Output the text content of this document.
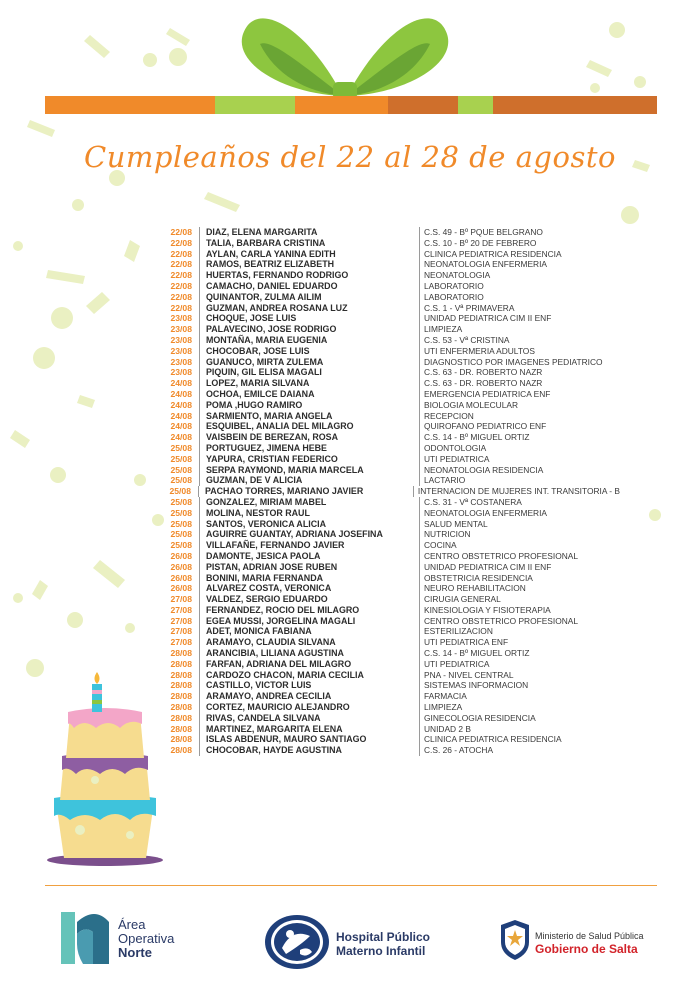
Cumpleaños del 22 al 28 de agosto
22/08 DIAZ, ELENA MARGARITA	C.S. 49 - Bº PQUE BELGRANO
22/08 TALIA, BARBARA CRISTINA	C.S. 10 - Bº 20 DE FEBRERO
22/08 AYLAN, CARLA YANINA EDITH	CLINICA PEDIATRICA RESIDENCIA
22/08 RAMOS, BEATRIZ ELIZABETH	NEONATOLOGIA ENFERMERIA
22/08 HUERTAS, FERNANDO RODRIGO	NEONATOLOGIA
22/08 CAMACHO, DANIEL EDUARDO	LABORATORIO
22/08 QUINANTOR, ZULMA AILIM	LABORATORIO
22/08 GUZMAN, ANDREA ROSANA LUZ	C.S. 1 - Vª PRIMAVERA
23/08 CHOQUE, JOSE LUIS	UNIDAD PEDIATRICA CIM II ENF
23/08 PALAVECINO, JOSE RODRIGO	LIMPIEZA
23/08 MONTAÑA, MARIA EUGENIA	C.S. 53 - Vª CRISTINA
23/08 CHOCOBAR, JOSE LUIS	UTI ENFERMERIA ADULTOS
23/08 GUANUCO, MIRTA ZULEMA	DIAGNOSTICO POR IMAGENES PEDIATRICO
23/08 PIQUIN, GIL ELISA MAGALI	C.S. 63 - DR. ROBERTO NAZR
24/08 LOPEZ, MARIA SILVANA	C.S. 63 - DR. ROBERTO NAZR
24/08 OCHOA, EMILCE DAIANA	EMERGENCIA PEDIATRICA ENF
24/08 POMA ,HUGO RAMIRO	BIOLOGIA MOLECULAR
24/08 SARMIENTO, MARIA ANGELA	RECEPCION
24/08 ESQUIBEL, ANALIA DEL MILAGRO	QUIROFANO PEDIATRICO ENF
24/08 VAISBEIN DE BEREZAN, ROSA	C.S. 14 - Bº MIGUEL ORTIZ
25/08 PORTUGUEZ, JIMENA HEBE	ODONTOLOGIA
25/08 YAPURA, CRISTIAN FEDERICO	UTI PEDIATRICA
25/08 SERPA RAYMOND, MARIA MARCELA	NEONATOLOGIA RESIDENCIA
25/08 GUZMAN, DE V ALICIA	LACTARIO
25/08 PACHAO TORRES, MARIANO JAVIER	INTERNACION DE MUJERES INT. TRANSITORIA - B
25/08 GONZALEZ, MIRIAM MABEL	C.S. 31 - Vª COSTANERA
25/08 MOLINA, NESTOR RAUL	NEONATOLOGIA ENFERMERIA
25/08 SANTOS, VERONICA ALICIA	SALUD MENTAL
25/08 AGUIRRE GUANTAY, ADRIANA JOSEFINA	NUTRICION
25/08 VILLAFAÑE, FERNANDO JAVIER	COCINA
26/08 DAMONTE, JESICA PAOLA	CENTRO OBSTETRICO PROFESIONAL
26/08 PISTAN, ADRIAN JOSE RUBEN	UNIDAD PEDIATRICA CIM II ENF
26/08 BONINI, MARIA FERNANDA	OBSTETRICIA RESIDENCIA
26/08 ALVAREZ COSTA, VERONICA	NEURO REHABILITACION
27/08 VALDEZ, SERGIO EDUARDO	CIRUGIA GENERAL
27/08 FERNANDEZ, ROCIO DEL MILAGRO	KINESIOLOGIA Y FISIOTERAPIA
27/08 EGEA MUSSI, JORGELINA MAGALI	CENTRO OBSTETRICO PROFESIONAL
27/08 ADET, MONICA FABIANA	ESTERILIZACION
27/08 ARAMAYO, CLAUDIA SILVANA	UTI PEDIATRICA ENF
28/08 ARANCIBIA, LILIANA AGUSTINA	C.S. 14 - Bº MIGUEL ORTIZ
28/08 FARFAN, ADRIANA DEL MILAGRO	UTI PEDIATRICA
28/08 CARDOZO CHACON, MARIA CECILIA	PNA - NIVEL CENTRAL
28/08 CASTILLO, VICTOR LUIS	SISTEMAS INFORMACION
28/08 ARAMAYO, ANDREA CECILIA	FARMACIA
28/08 CORTEZ, MAURICIO ALEJANDRO	LIMPIEZA
28/08 RIVAS, CANDELA SILVANA	GINECOLOGIA RESIDENCIA
28/08 MARTINEZ, MARGARITA ELENA	UNIDAD 2 B
28/08 ISLAS ABDENUR, MAURO SANTIAGO	CLINICA PEDIATRICA RESIDENCIA
28/08 CHOCOBAR, HAYDE AGUSTINA	C.S. 26 - ATOCHA
Área
Operativa
Norte
Hospital Público
Materno Infantil
Ministerio de Salud Pública
Gobierno de Salta
